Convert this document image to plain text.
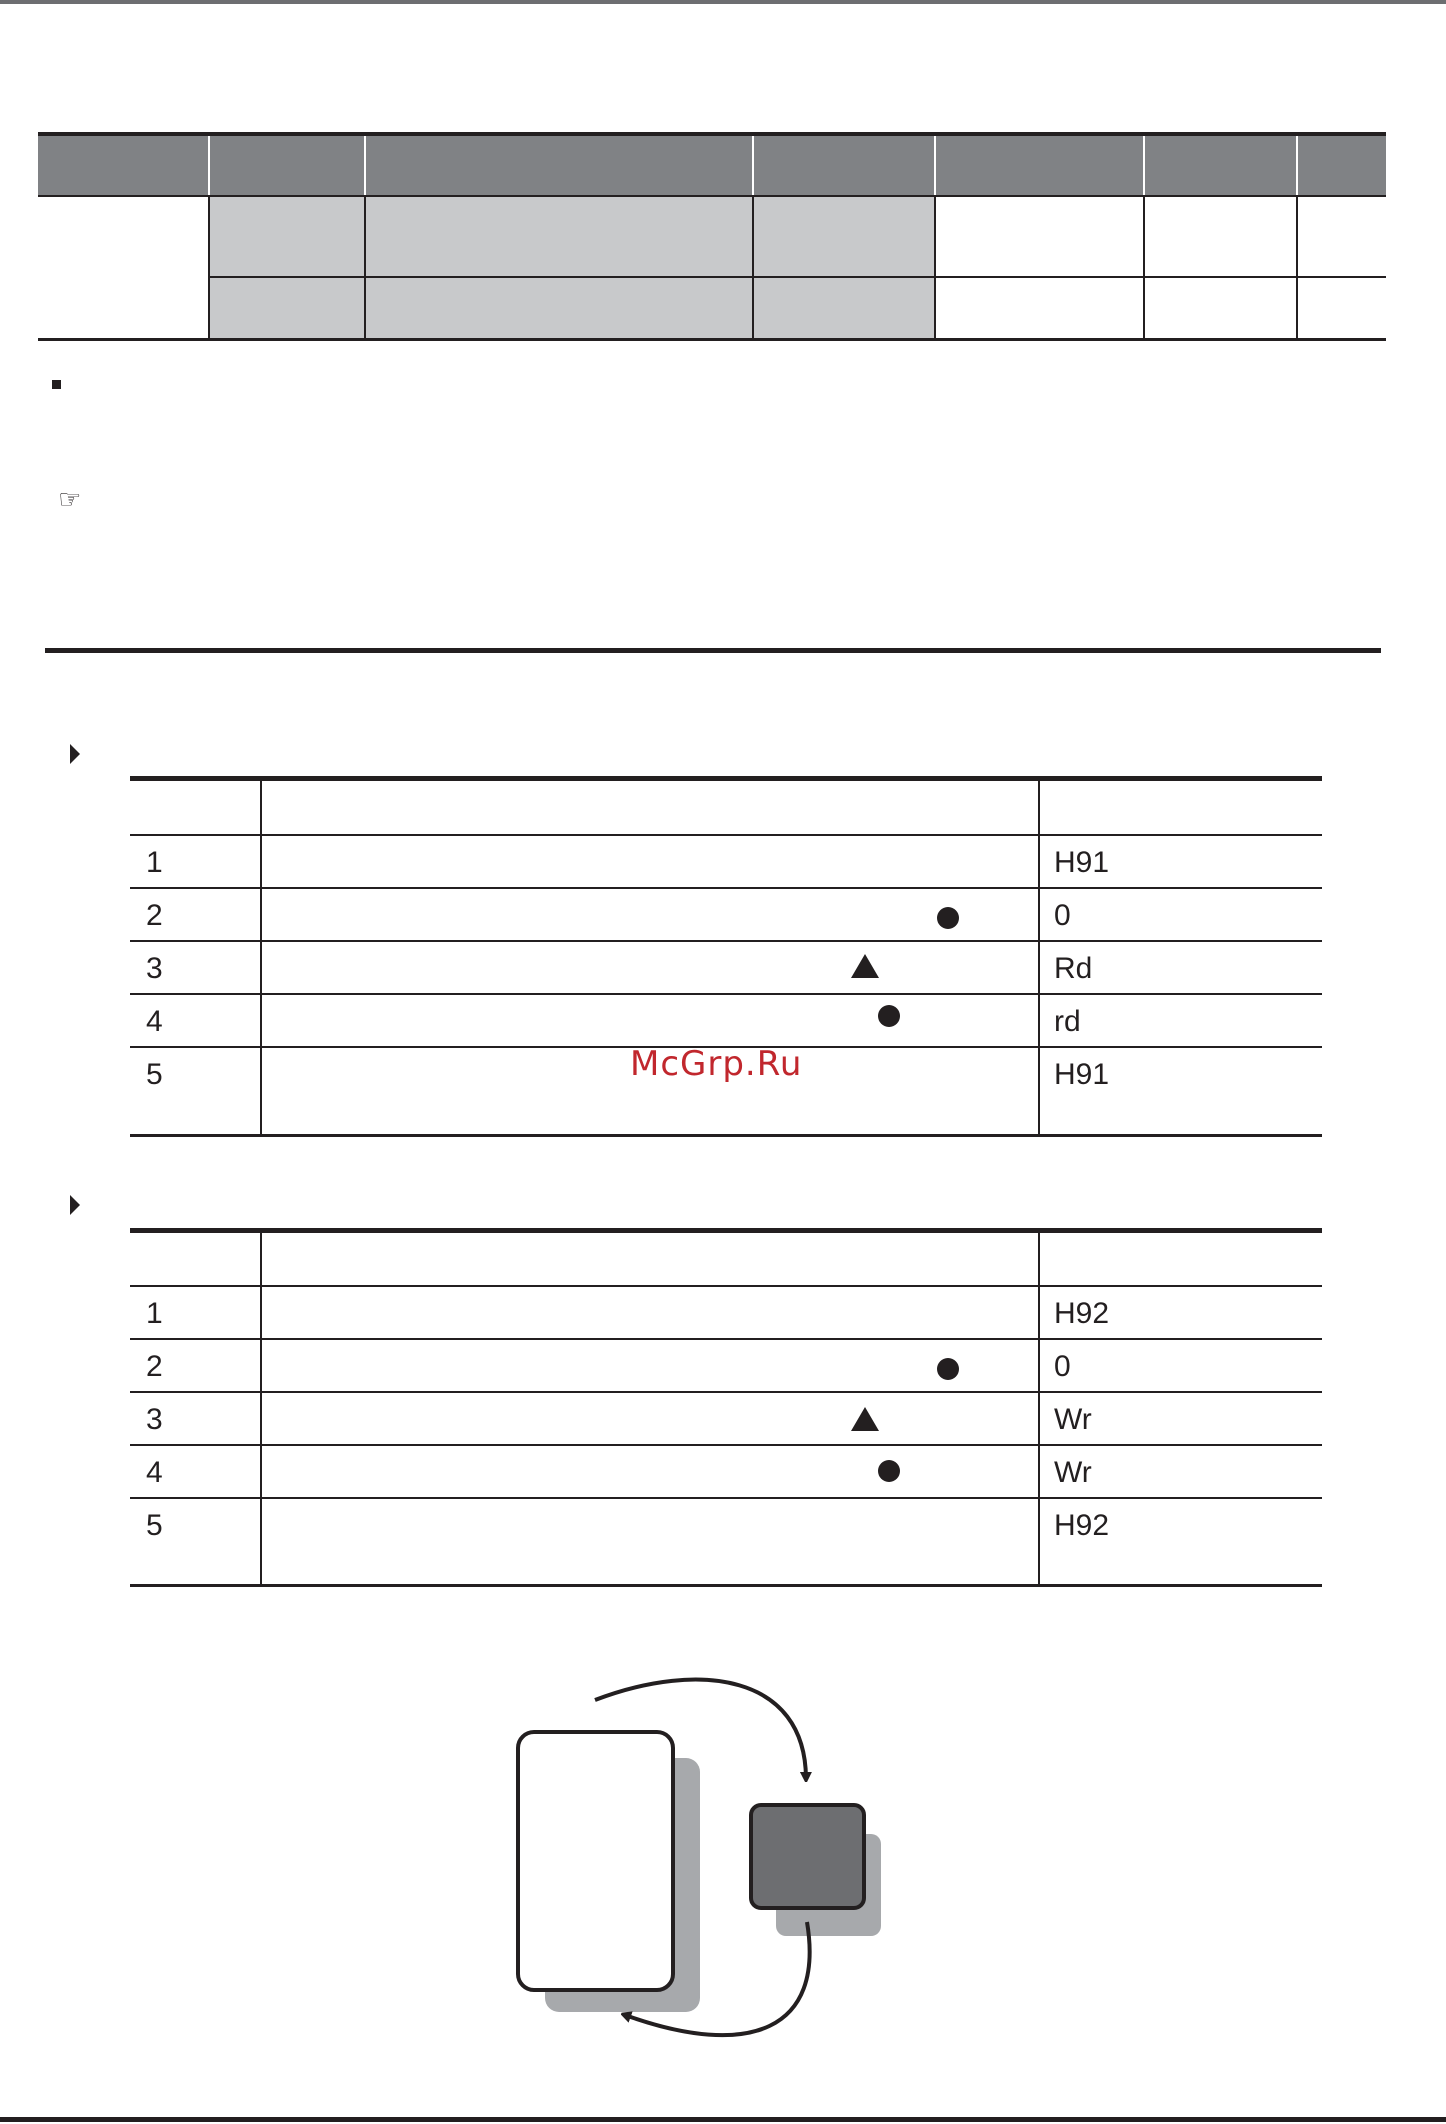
☞
1	H91
2	0
3	Rd
4	rd
5	H91
McGrp.Ru
1	H92
2	0
3	Wr
4	Wr
5	H92
